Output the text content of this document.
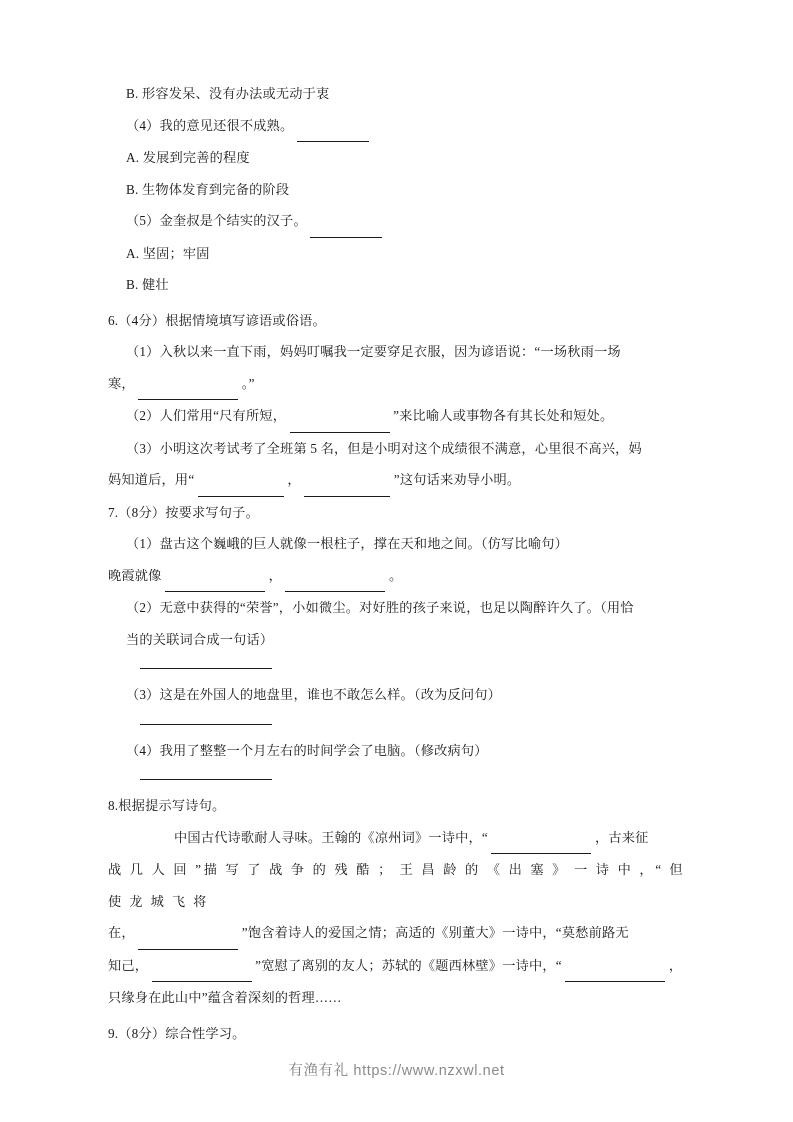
B. 形容发呆、没有办法或无动于衷
（4）我的意见还很不成熟。
A. 发展到完善的程度
B. 生物体发育到完备的阶段
（5）金奎叔是个结实的汉子。
A. 坚固；牢固
B. 健壮
6.（4分）根据情境填写谚语或俗语。
（1）入秋以来一直下雨，妈妈叮嘱我一定要穿足衣服，因为谚语说：“一场秋雨一场
寒，	。”
（2）人们常用“尺有所短，	”来比喻人或事物各有其长处和短处。
（3）小明这次考试考了全班第 5 名，但是小明对这个成绩很不满意，心里很不高兴，妈
妈知道后，用“	，	”这句话来劝导小明。
7.（8分）按要求写句子。
（1）盘古这个巍峨的巨人就像一根柱子，撑在天和地之间。（仿写比喻句）
晚霞就像	，	。
（2）无意中获得的“荣誉”，小如微尘。对好胜的孩子来说，也足以陶醉许久了。（用恰
当的关联词合成一句话）
（3）这是在外国人的地盘里，谁也不敢怎么样。（改为反问句）
（4）我用了整整一个月左右的时间学会了电脑。（修改病句）
8.根据提示写诗句。
中国古代诗歌耐人寻味。王翰的《凉州词》一诗中，“	，古来征
战 几 人 回 ”描 写 了 战 争 的 残 酷 ； 王 昌 龄 的 《 出 塞 》 一 诗 中 ，“ 但 使 龙 城 飞 将
在，	”饱含着诗人的爱国之情；高适的《别董大》一诗中，“莫愁前路无
知己，	”宽慰了离别的友人；苏轼的《题西林壁》一诗中，“	，
只缘身在此山中”蕴含着深刻的哲理……
9.（8分）综合性学习。
有渔有礼 https://www.nzxwl.net
